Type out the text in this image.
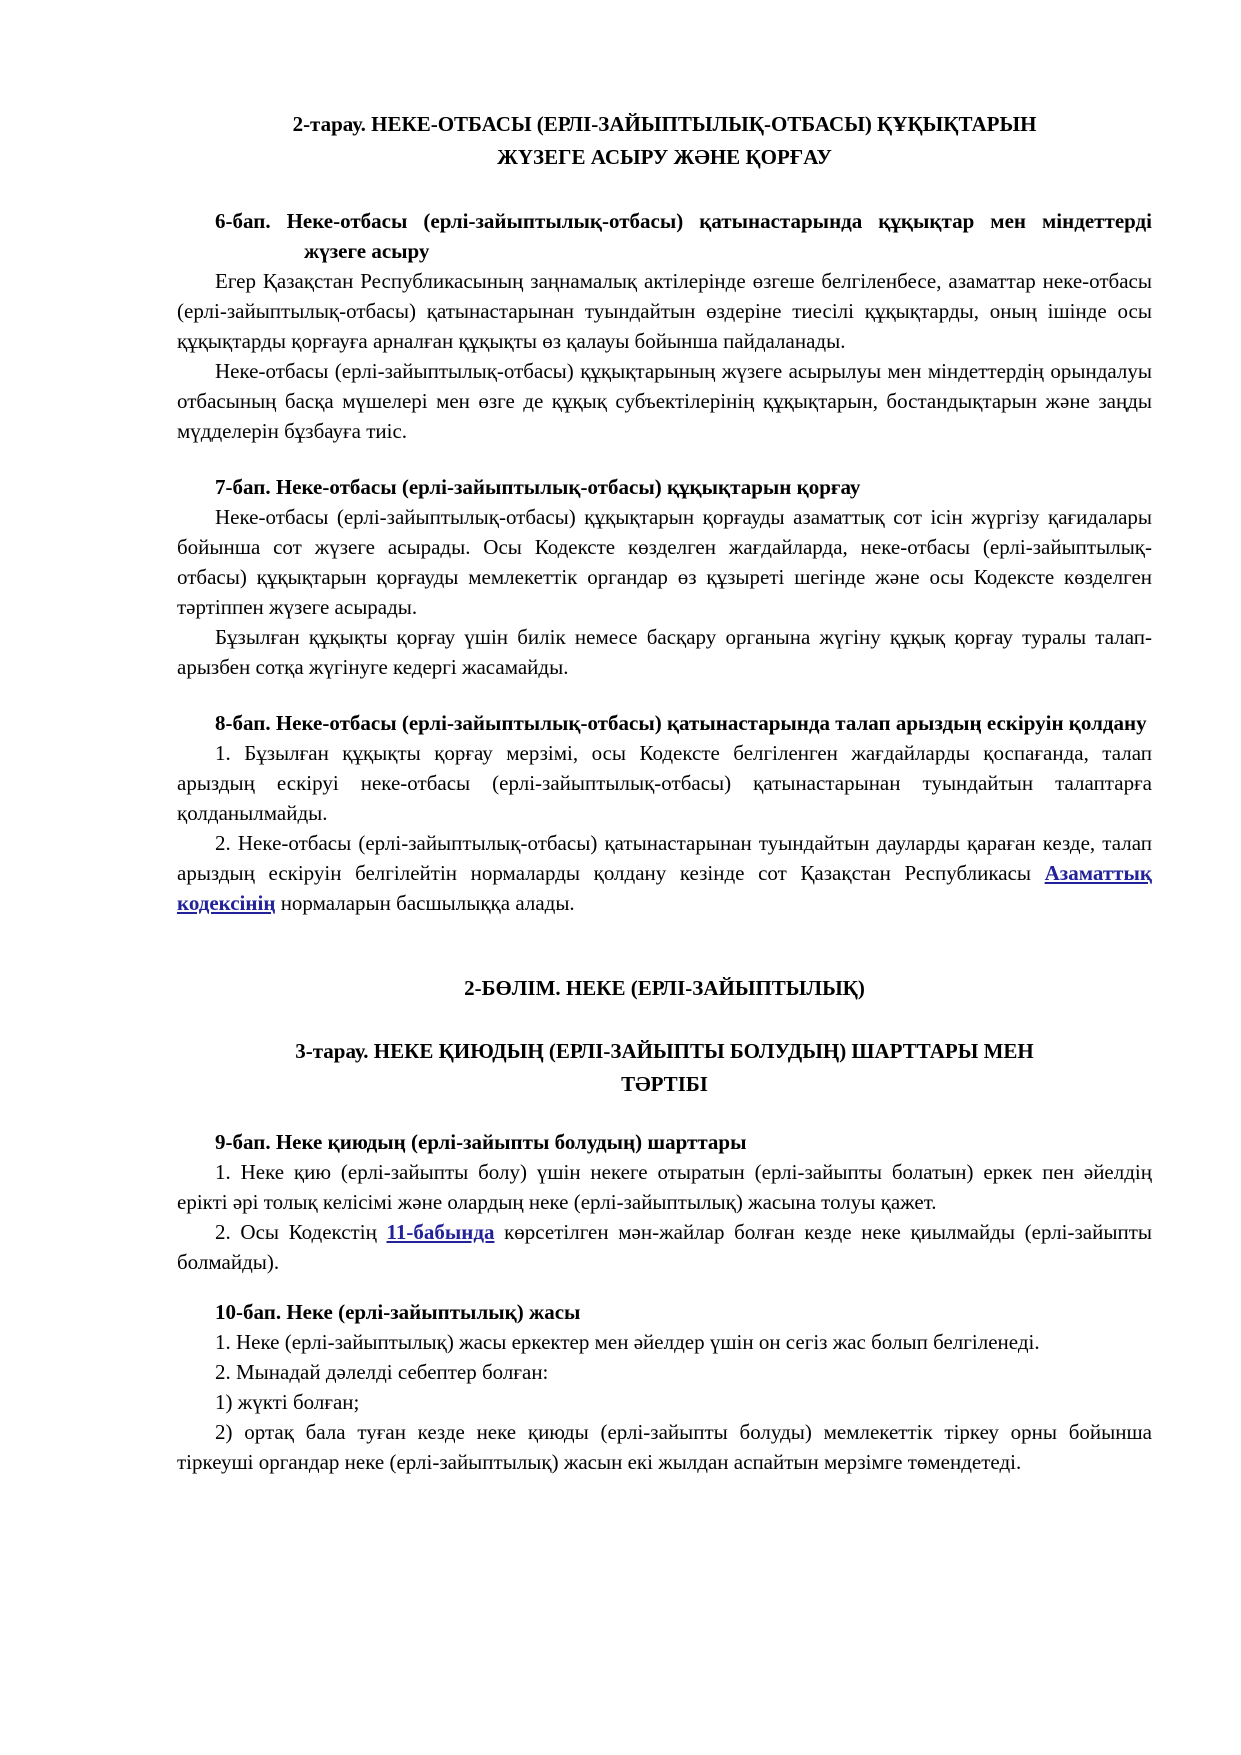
2-тарау. НЕКЕ-ОТБАСЫ (ЕРЛІ-ЗАЙЫПТЫЛЫҚ-ОТБАСЫ) ҚҰҚЫҚТАРЫН
ЖҮЗЕГЕ АСЫРУ ЖӘНЕ ҚОРҒАУ

6-бап. Неке-отбасы (ерлі-зайыптылық-отбасы) қатынастарында құқықтар мен міндеттерді жүзеге асыру

Егер Қазақстан Республикасының заңнамалық актілерінде өзгеше белгіленбесе, азаматтар неке-отбасы (ерлі-зайыптылық-отбасы) қатынастарынан туындайтын өздеріне тиесілі құқықтарды, оның ішінде осы құқықтарды қорғауға арналған құқықты өз қалауы бойынша пайдаланады.

Неке-отбасы (ерлі-зайыптылық-отбасы) құқықтарының жүзеге асырылуы мен міндеттердің орындалуы отбасының басқа мүшелері мен өзге де құқық субъектілерінің құқықтарын, бостандықтарын және заңды мүдделерін бұзбауға тиіс.

7-бап. Неке-отбасы (ерлі-зайыптылық-отбасы) құқықтарын қорғау

Неке-отбасы (ерлі-зайыптылық-отбасы) құқықтарын қорғауды азаматтық сот ісін жүргізу қағидалары бойынша сот жүзеге асырады. Осы Кодексте көзделген жағдайларда, неке-отбасы (ерлі-зайыптылық-отбасы) құқықтарын қорғауды мемлекеттік органдар өз құзыреті шегінде және осы Кодексте көзделген тәртіппен жүзеге асырады.

Бұзылған құқықты қорғау үшін билік немесе басқару органына жүгіну құқық қорғау туралы талап-арызбен сотқа жүгінуге кедергі жасамайды.

8-бап. Неке-отбасы (ерлі-зайыптылық-отбасы) қатынастарында талап арыздың ескіруін қолдану

1. Бұзылған құқықты қорғау мерзімі, осы Кодексте белгіленген жағдайларды қоспағанда, талап арыздың ескіруі неке-отбасы (ерлі-зайыптылық-отбасы) қатынастарынан туындайтын талаптарға қолданылмайды.

2. Неке-отбасы (ерлі-зайыптылық-отбасы) қатынастарынан туындайтын дауларды қараған кезде, талап арыздың ескіруін белгілейтін нормаларды қолдану кезінде сот Қазақстан Республикасы Азаматтық кодексінің нормаларын басшылыққа алады.

2-БӨЛІМ. НЕКЕ (ЕРЛІ-ЗАЙЫПТЫЛЫҚ)
3-тарау. НЕКЕ ҚИЮДЫҢ (ЕРЛІ-ЗАЙЫПТЫ БОЛУДЫҢ) ШАРТТАРЫ МЕН
ТӘРТІБІ

9-бап. Неке қиюдың (ерлі-зайыпты болудың) шарттары

1. Неке қию (ерлі-зайыпты болу) үшін некеге отыратын (ерлі-зайыпты болатын) еркек пен әйелдің ерікті әрі толық келісімі және олардың неке (ерлі-зайыптылық) жасына толуы қажет.

2. Осы Кодекстің 11-бабында көрсетілген мән-жайлар болған кезде неке қиылмайды (ерлі-зайыпты болмайды).

10-бап. Неке (ерлі-зайыптылық) жасы

1. Неке (ерлі-зайыптылық) жасы еркектер мен әйелдер үшін он сегіз жас болып белгіленеді.

2. Мынадай дәлелді себептер болған:

1) жүкті болған;

2) ортақ бала туған кезде неке қиюды (ерлі-зайыпты болуды) мемлекеттік тіркеу орны бойынша тіркеуші органдар неке (ерлі-зайыптылық) жасын екі жылдан аспайтын мерзімге төмендетеді.
